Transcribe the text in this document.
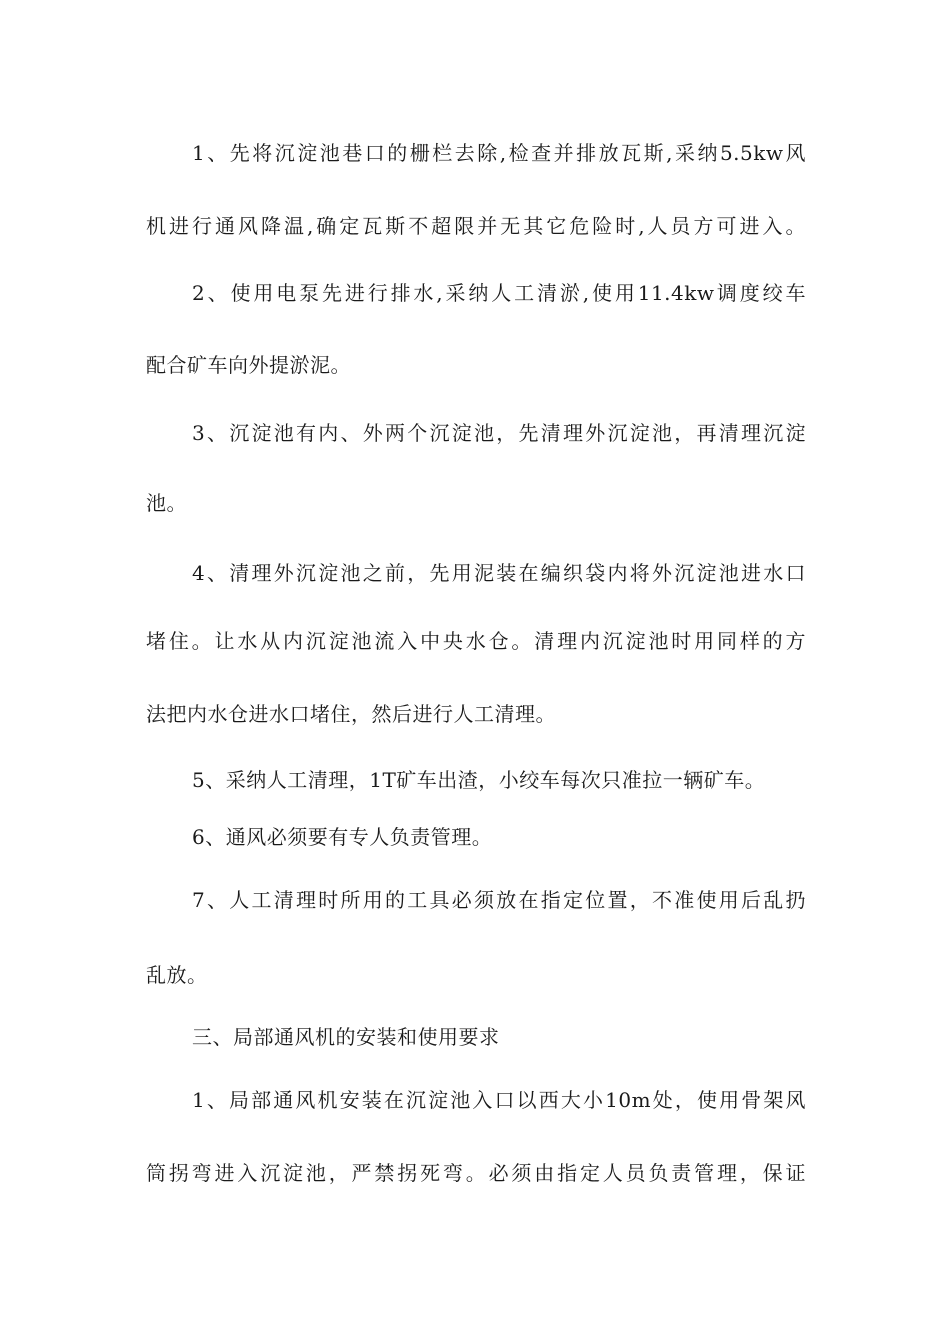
1、先将沉淀池巷口的栅栏去除,检查并排放瓦斯,采纳5.5kw风
机进行通风降温,确定瓦斯不超限并无其它危险时,人员方可进入。
2、使用电泵先进行排水,采纳人工清淤,使用11.4kw调度绞车
配合矿车向外提淤泥。
3、沉淀池有内、外两个沉淀池，先清理外沉淀池，再清理沉淀
池。
4、清理外沉淀池之前，先用泥装在编织袋内将外沉淀池进水口
堵住。让水从内沉淀池流入中央水仓。清理内沉淀池时用同样的方
法把内水仓进水口堵住，然后进行人工清理。
5、采纳人工清理，1T矿车出渣，小绞车每次只准拉一辆矿车。
6、通风必须要有专人负责管理。
7、人工清理时所用的工具必须放在指定位置，不准使用后乱扔
乱放。
三、局部通风机的安装和使用要求
1、局部通风机安装在沉淀池入口以西大小10m处，使用骨架风
筒拐弯进入沉淀池，严禁拐死弯。必须由指定人员负责管理，保证
